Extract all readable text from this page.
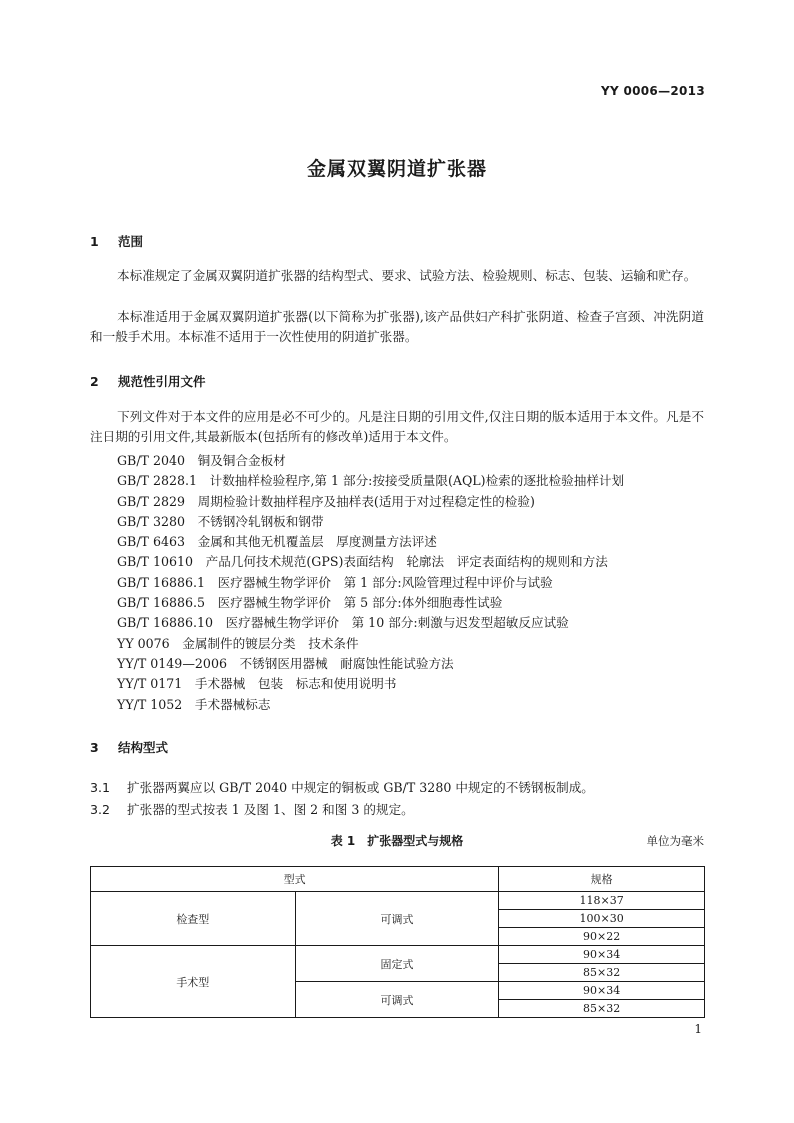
YY 0006—2013
金属双翼阴道扩张器
1 范围
本标准规定了金属双翼阴道扩张器的结构型式、要求、试验方法、检验规则、标志、包装、运输和贮存。
本标准适用于金属双翼阴道扩张器(以下简称为扩张器),该产品供妇产科扩张阴道、检查子宫颈、冲洗阴道和一般手术用。本标准不适用于一次性使用的阴道扩张器。
2 规范性引用文件
下列文件对于本文件的应用是必不可少的。凡是注日期的引用文件,仅注日期的版本适用于本文件。凡是不注日期的引用文件,其最新版本(包括所有的修改单)适用于本文件。
GB/T 2040　铜及铜合金板材
GB/T 2828.1　计数抽样检验程序,第 1 部分:按接受质量限(AQL)检索的逐批检验抽样计划
GB/T 2829　周期检验计数抽样程序及抽样表(适用于对过程稳定性的检验)
GB/T 3280　不锈钢冷轧钢板和钢带
GB/T 6463　金属和其他无机覆盖层　厚度测量方法评述
GB/T 10610　产品几何技术规范(GPS)表面结构　轮廓法　评定表面结构的规则和方法
GB/T 16886.1　医疗器械生物学评价　第 1 部分:风险管理过程中评价与试验
GB/T 16886.5　医疗器械生物学评价　第 5 部分:体外细胞毒性试验
GB/T 16886.10　医疗器械生物学评价　第 10 部分:刺激与迟发型超敏反应试验
YY 0076　金属制件的镀层分类　技术条件
YY/T 0149—2006　不锈钢医用器械　耐腐蚀性能试验方法
YY/T 0171　手术器械　包装　标志和使用说明书
YY/T 1052　手术器械标志
3 结构型式
3.1 扩张器两翼应以 GB/T 2040 中规定的铜板或 GB/T 3280 中规定的不锈钢板制成。
3.2 扩张器的型式按表 1 及图 1、图 2 和图 3 的规定。
表 1　扩张器型式与规格	单位为毫米
型式		规格
检查型	可调式	118×37
		100×30
		90×22
手术型	固定式	90×34
		85×32
	可调式	90×34
		85×32
1
